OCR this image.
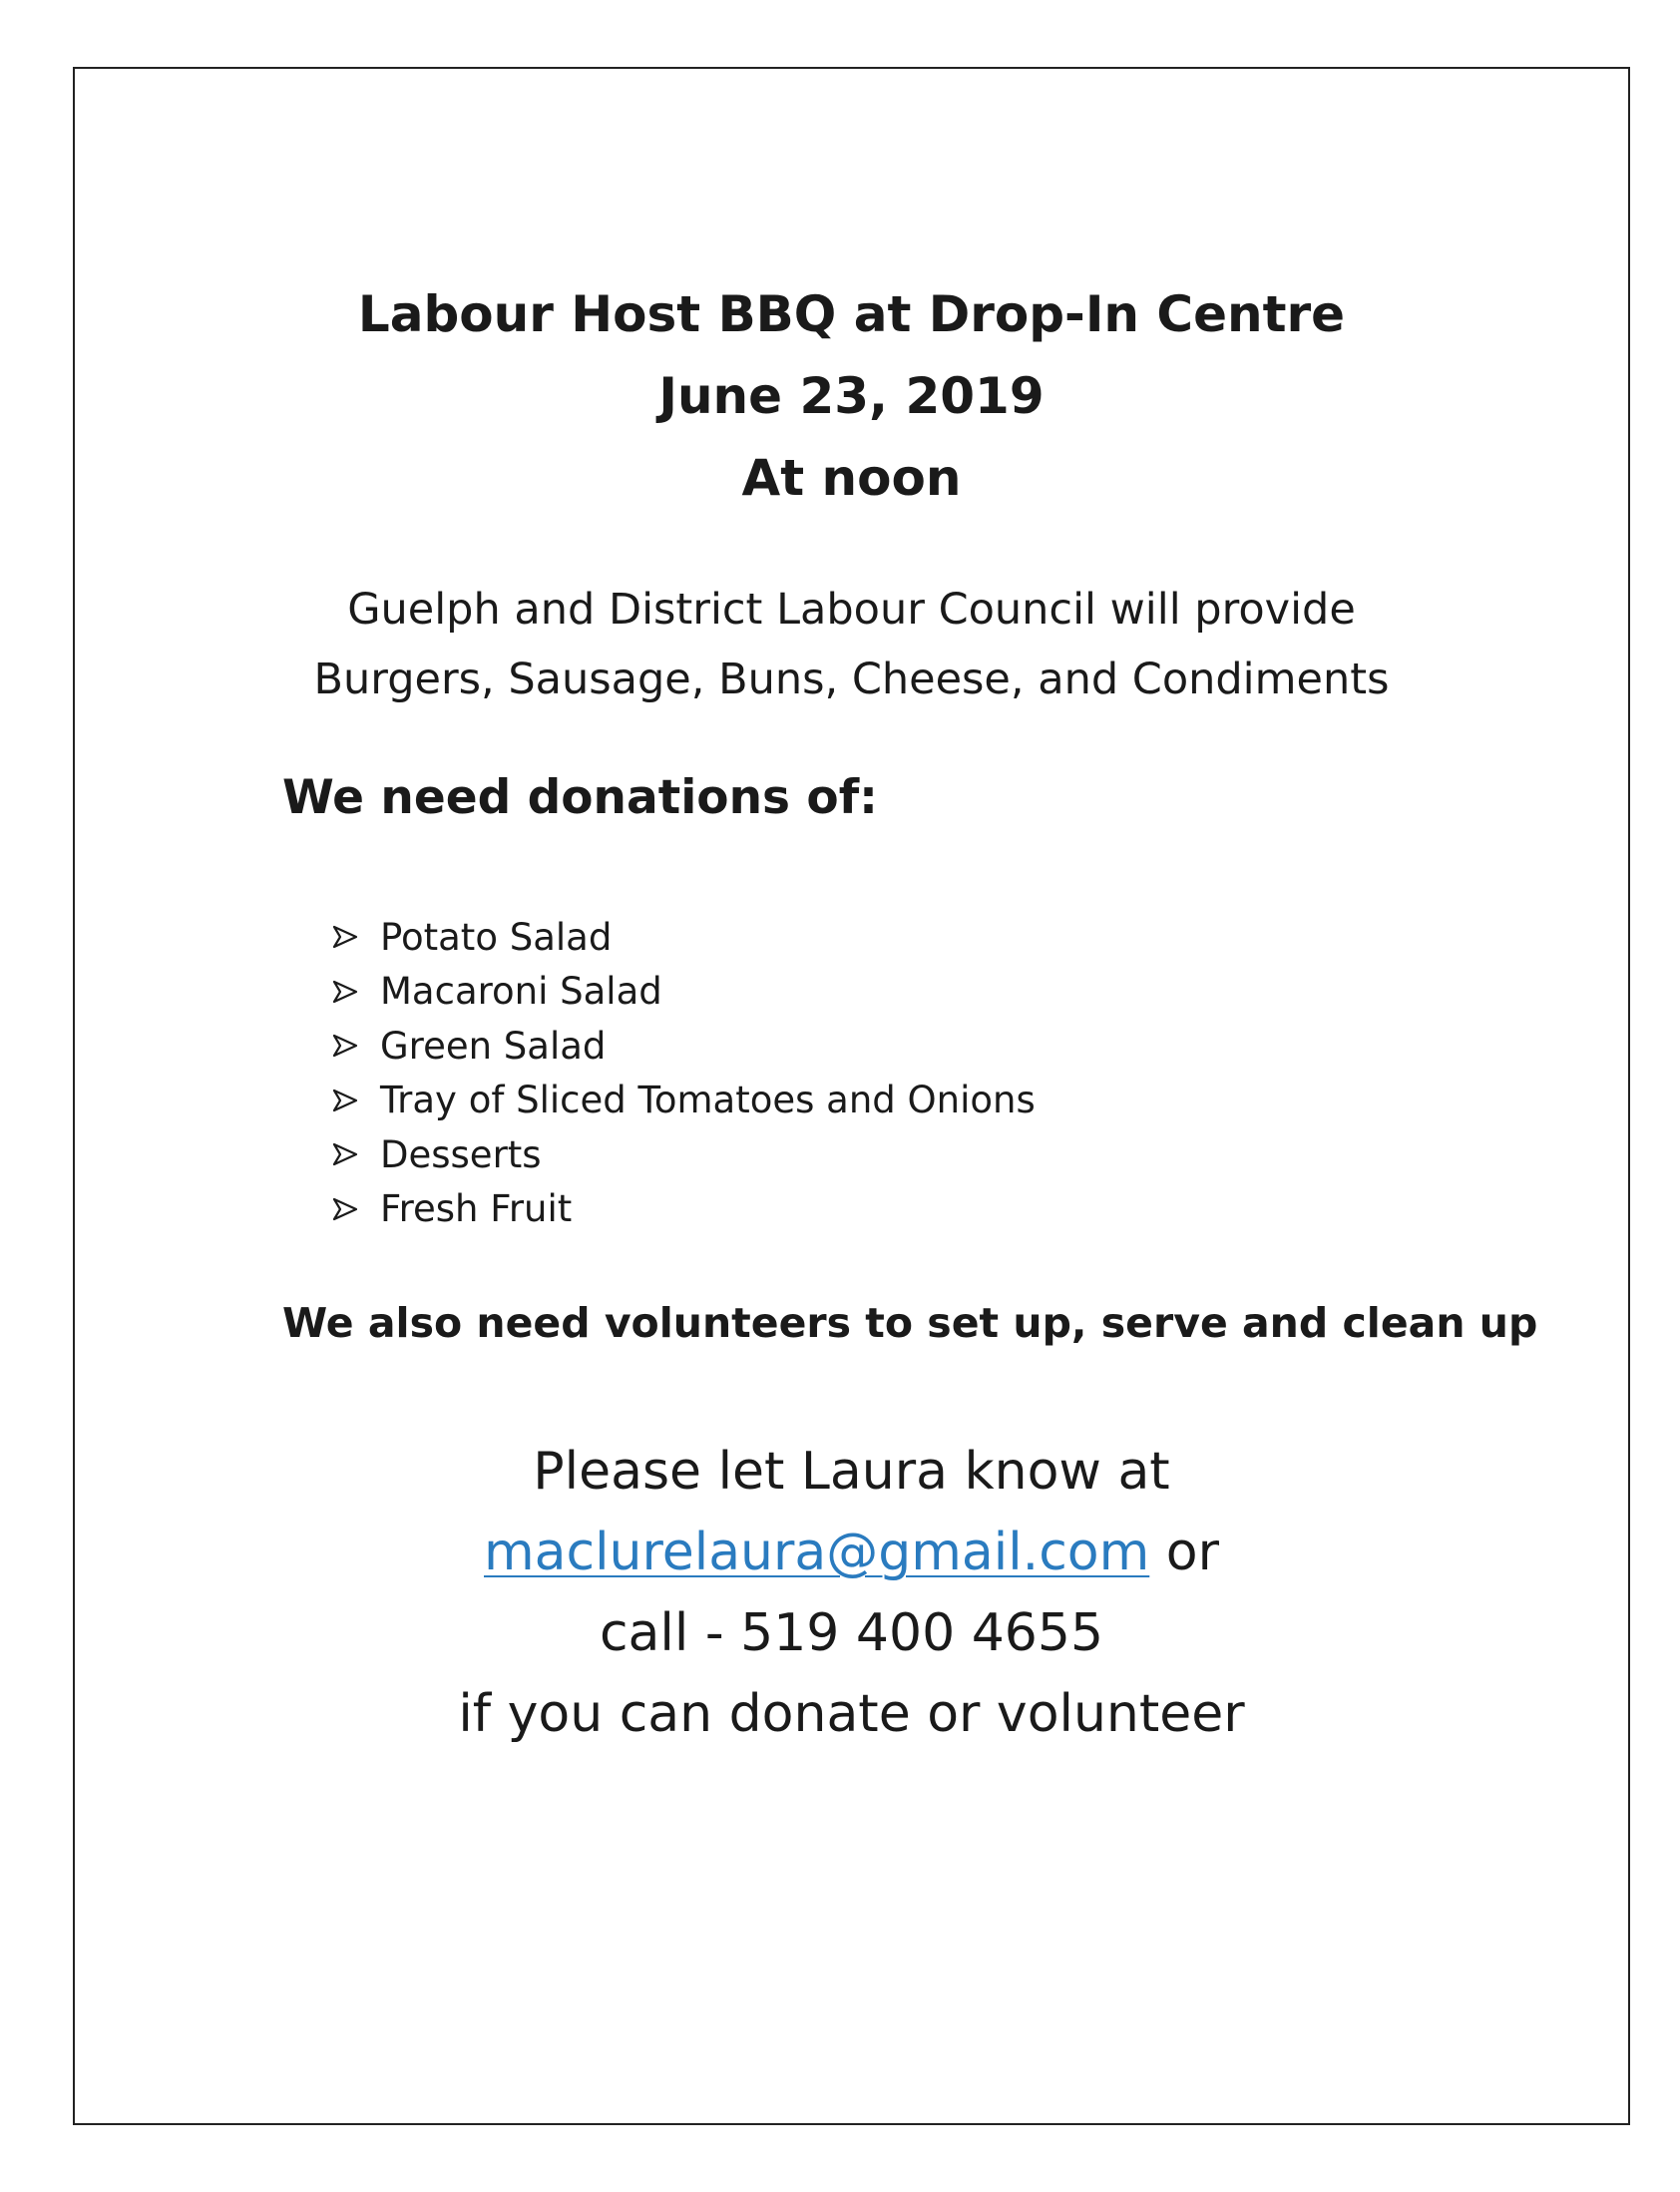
Labour Host BBQ at Drop-In Centre
June 23, 2019
At noon
Guelph and District Labour Council will provide
Burgers, Sausage, Buns, Cheese, and Condiments
We need donations of:
Potato Salad
Macaroni Salad
Green Salad
Tray of Sliced Tomatoes and Onions
Desserts
Fresh Fruit
We also need volunteers to set up, serve and clean up
Please let Laura know at
maclurelaura@gmail.com or
call - 519 400 4655
if you can donate or volunteer
